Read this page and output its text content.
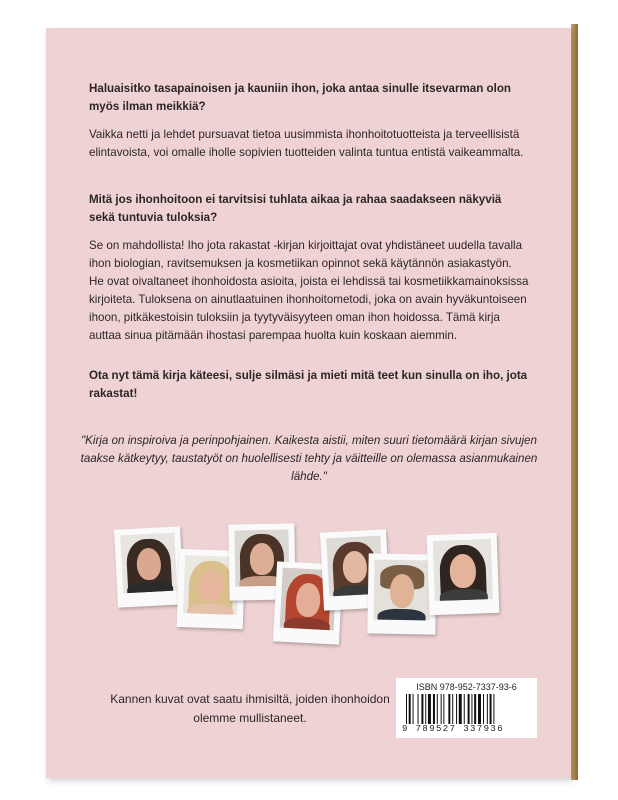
Haluaisitko tasapainoisen ja kauniin ihon, joka antaa sinulle itsevarman olon myös ilman meikkiä?

Vaikka netti ja lehdet pursuavat tietoa uusimmista ihonhoitotuotteista ja terveellisistä elintavoista, voi omalle iholle sopivien tuotteiden valinta tuntua entistä vaikeammalta.

Mitä jos ihonhoitoon ei tarvitsisi tuhlata aikaa ja rahaa saadakseen näkyviä sekä tuntuvia tuloksia?

Se on mahdollista! Iho jota rakastat -kirjan kirjoittajat ovat yhdistäneet uudella tavalla ihon biologian, ravitsemuksen ja kosmetiikan opinnot sekä käytännön asiakastyön. He ovat oivaltaneet ihonhoidosta asioita, joista ei lehdissä tai kosmetiikkamainoksissa kirjoiteta. Tuloksena on ainutlaatuinen ihonhoitometodi, joka on avain hyväkuntoiseen ihoon, pitkäkestoisin tuloksiin ja tyytyväisyyteen oman ihon hoidossa. Tämä kirja auttaa sinua pitämään ihostasi parempaa huolta kuin koskaan aiemmin.

Ota nyt tämä kirja käteesi, sulje silmäsi ja mieti mitä teet kun sinulla on iho, jota rakastat!

"Kirja on inspiroiva ja perinpohjainen. Kaikesta aistii, miten suuri tietomäärä kirjan sivujen taakse kätkeytyy, taustatyöt on huolellisesti tehty ja väitteille on olemassa asianmukainen lähde."

Kannen kuvat ovat saatu ihmisiltä, joiden ihonhoidon olemme mullistaneet.

ISBN 978-952-7337-93-6
9 789527 337936
